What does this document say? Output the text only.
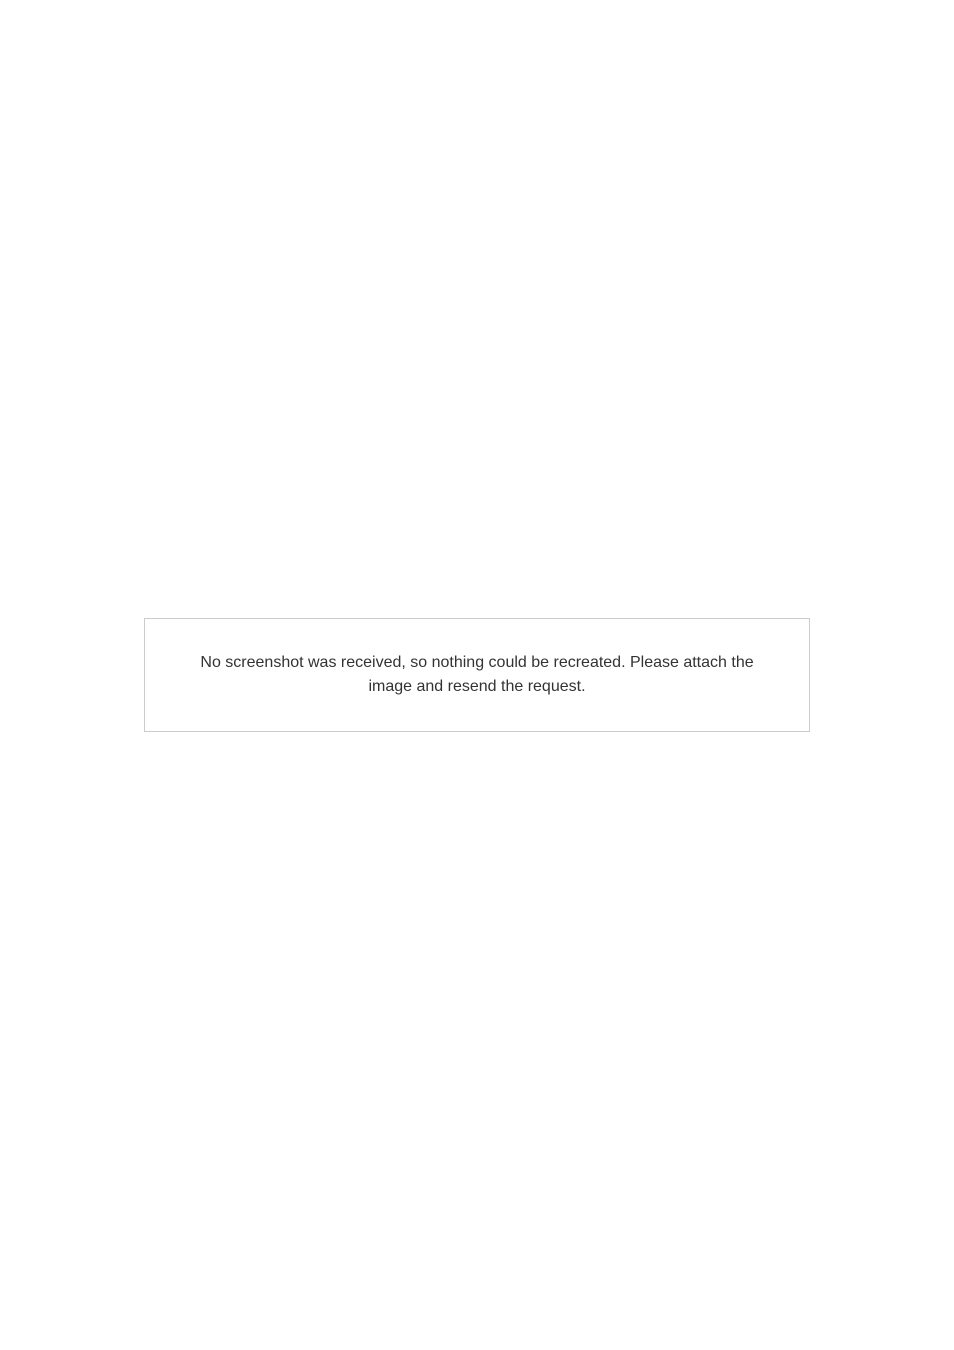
No screenshot was received, so nothing could be recreated. Please attach the image and resend the request.
